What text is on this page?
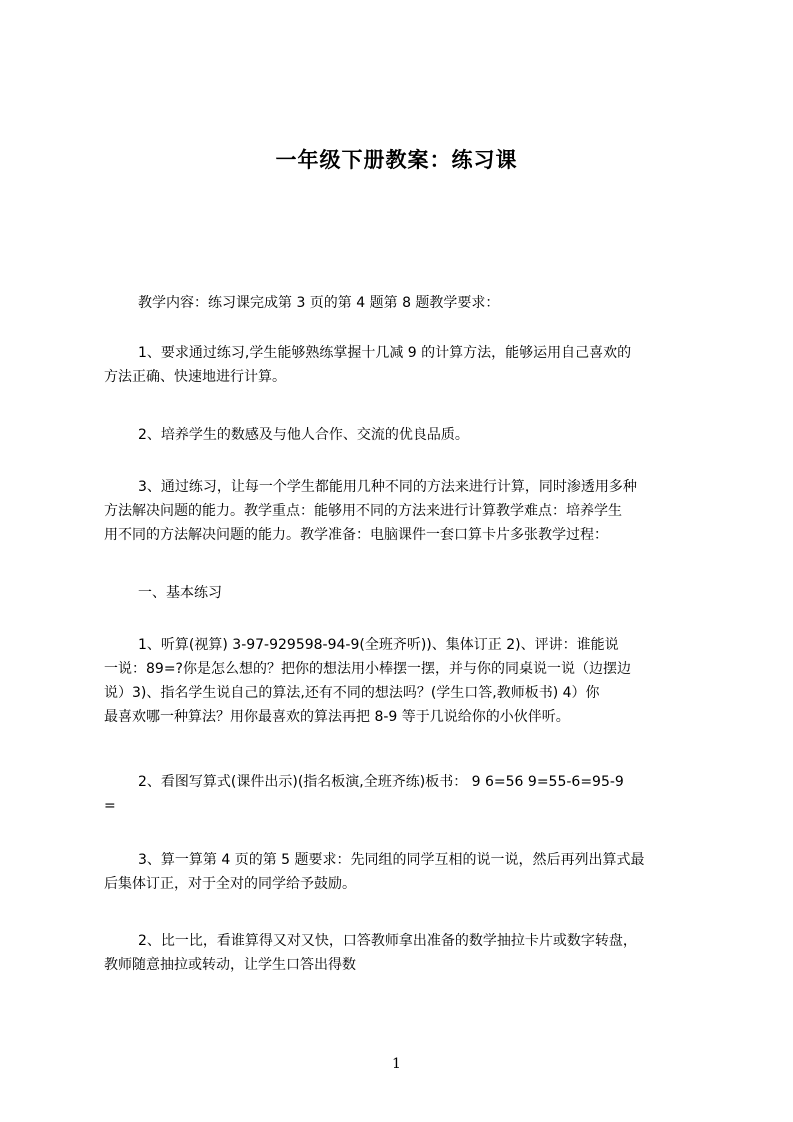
一年级下册教案：练习课
教学内容：练习课完成第 3 页的第 4 题第 8 题教学要求：
1、要求通过练习,学生能够熟练掌握十几减 9 的计算方法，能够运用自己喜欢的
方法正确、快速地进行计算。
2、培养学生的数感及与他人合作、交流的优良品质。
3、通过练习，让每一个学生都能用几种不同的方法来进行计算，同时渗透用多种
方法解决问题的能力。教学重点：能够用不同的方法来进行计算教学难点：培养学生
用不同的方法解决问题的能力。教学准备：电脑课件一套口算卡片多张教学过程：
一、基本练习
1、听算(视算) 3-97-929598-94-9(全班齐听))、集体订正 2)、评讲：谁能说
一说：89=?你是怎么想的？把你的想法用小棒摆一摆，并与你的同桌说一说（边摆边
说）3)、指名学生说自己的算法,还有不同的想法吗？(学生口答,教师板书) 4）你
最喜欢哪一种算法？用你最喜欢的算法再把 8-9 等于几说给你的小伙伴听。
2、看图写算式(课件出示)(指名板演,全班齐练)板书： 9 6=56 9=55-6=95-9
=
3、算一算第 4 页的第 5 题要求：先同组的同学互相的说一说，然后再列出算式最
后集体订正，对于全对的同学给予鼓励。
2、比一比，看谁算得又对又快，口答教师拿出准备的数学抽拉卡片或数字转盘，
教师随意抽拉或转动，让学生口答出得数
1
